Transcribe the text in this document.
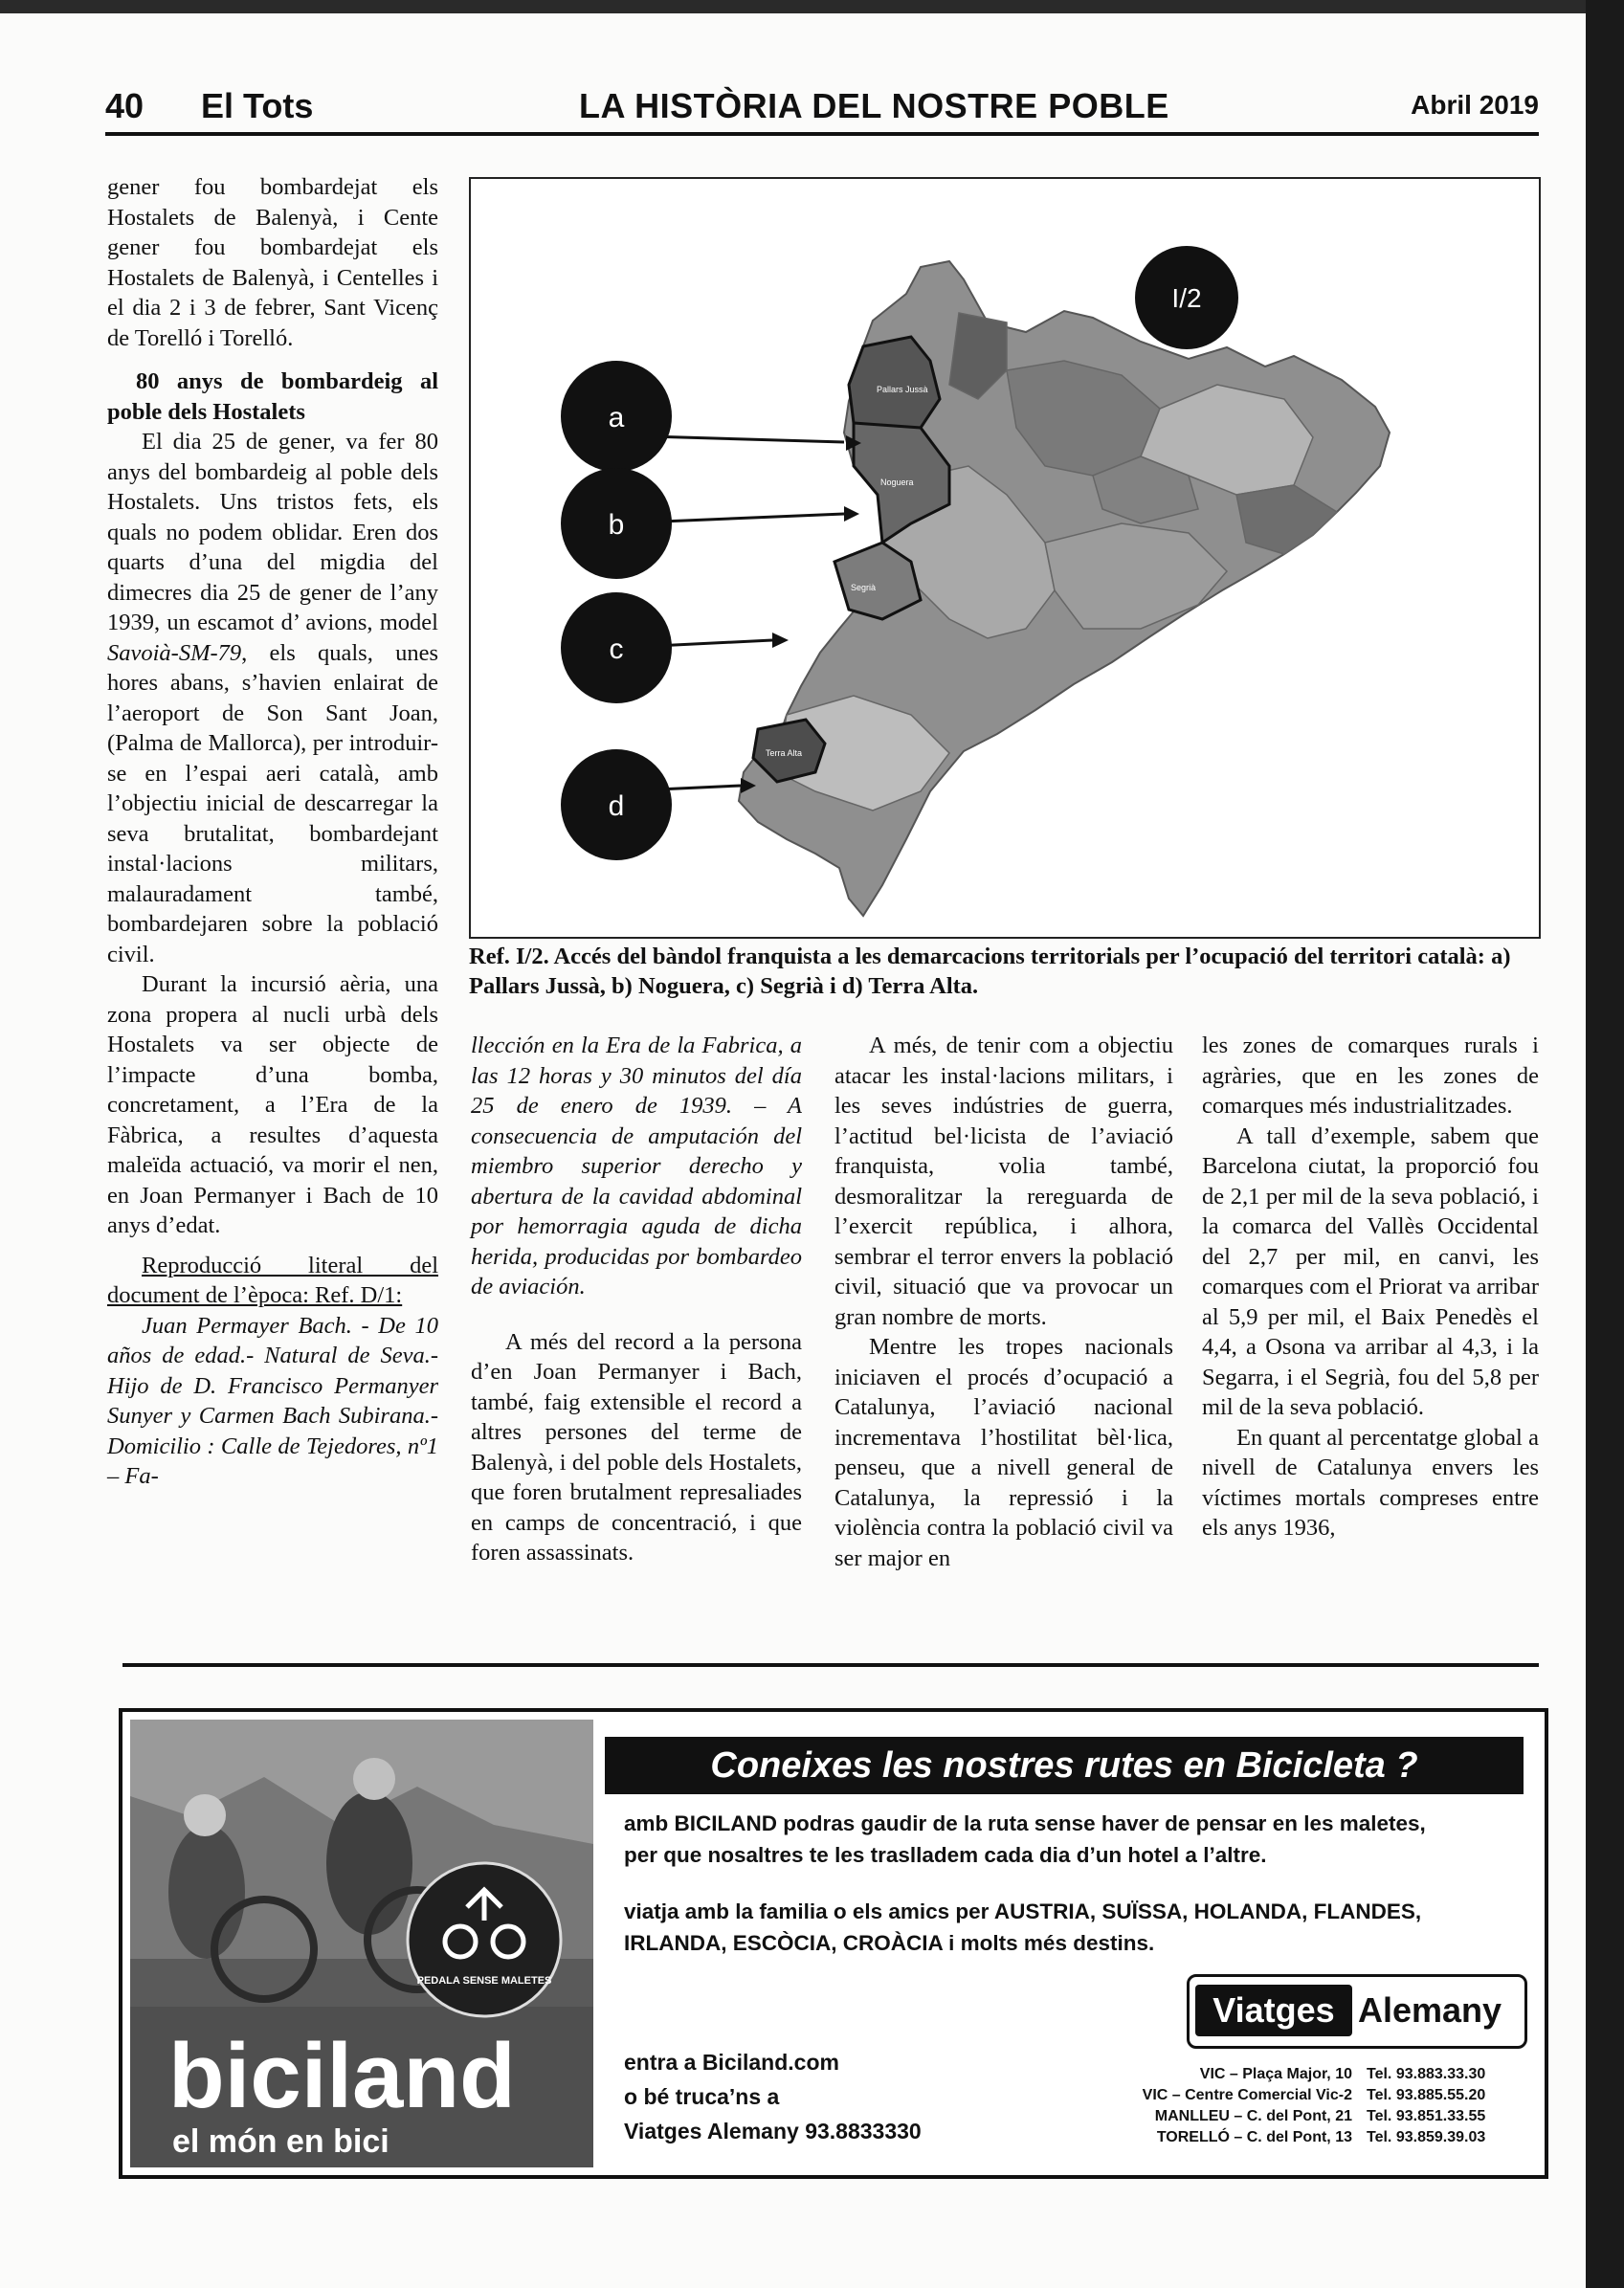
40 El Tots	LA HISTÒRIA DEL NOSTRE POBLE	Abril 2019

gener fou bombardejat els Hostalets de Balenyà, i Cente gener fou bombardejat els Hostalets de Balenyà, i Centelles i el dia 2 i 3 de febrer, Sant Vicenç de Torelló i Torelló.

80 anys de bombardeig al poble dels Hostalets

El dia 25 de gener, va fer 80 anys del bombardeig al poble dels Hostalets. Uns tristos fets, els quals no podem oblidar. Eren dos quarts d’una del migdia del dimecres dia 25 de gener de l’any 1939, un escamot d’ avions, model Savoià-SM-79, els quals, unes hores abans, s’havien enlairat de l’aeroport de Son Sant Joan, (Palma de Mallorca), per introduir-se en l’espai aeri català, amb l’objectiu inicial de descarregar la seva brutalitat, bombardejant instal·lacions militars, malauradament també, bombardejaren sobre la població civil.

Durant la incursió aèria, una zona propera al nucli urbà dels Hostalets va ser objecte de l’impacte d’una bomba, concretament, a l’Era de la Fàbrica, a resultes d’aquesta maleïda actuació, va morir el nen, en Joan Permanyer i Bach de 10 anys d’edat.

Reproducció literal del document de l’època: Ref. D/1:

Juan Permayer Bach. - De 10 años de edad.- Natural de Seva.-Hijo de D. Francisco Permanyer Sunyer y Carmen Bach Subirana.- Domicilio : Calle de Tejedores, nº1 – Fa-

Pallars Jussà
Noguera
Segrià
Terra Alta
I/2
a
b
c
d
Ref. I/2. Accés del bàndol franquista a les demarcacions territorials per l’ocupació del territori català: a) Pallars Jussà, b) Noguera, c) Segrià i d) Terra Alta.

llección en la Era de la Fabrica, a las 12 horas y 30 minutos del día 25 de enero de 1939. – A consecuencia de amputación del miembro superior derecho y abertura de la cavidad abdominal por hemorragia aguda de dicha herida, producidas por bombardeo de aviación.

A més del record a la persona d’en Joan Permanyer i Bach, també, faig extensible el record a altres persones del terme de Balenyà, i del poble dels Hostalets, que foren brutalment represaliades en camps de concentració, i que foren assassinats.

A més, de tenir com a objectiu atacar les instal·lacions militars, i les seves indústries de guerra, l’actitud bel·licista de l’aviació franquista, volia també, desmoralitzar la rereguarda de l’exercit república, i alhora, sembrar el terror envers la població civil, situació que va provocar un gran nombre de morts.

Mentre les tropes nacionals iniciaven el procés d’ocupació a Catalunya, l’aviació nacional incrementava l’hostilitat bèl·lica, penseu, que a nivell general de Catalunya, la repressió i la violència contra la població civil va ser major en

les zones de comarques rurals i agràries, que en les zones de comarques més industrialitzades.

A tall d’exemple, sabem que Barcelona ciutat, la proporció fou de 2,1 per mil de la seva població, i la comarca del Vallès Occidental del 2,7 per mil, en canvi, les comarques com el Priorat va arribar al 5,9 per mil, el Baix Penedès el 4,4, a Osona va arribar al 4,3, i la Segarra, i el Segrià, fou del 5,8 per mil de la seva població.

En quant al percentatge global a nivell de Catalunya envers les víctimes mortals compreses entre els anys 1936,

PEDALA SENSE MALETES
biciland
el món en bici
Coneixes les nostres rutes en Bicicleta ?
amb BICILAND podras gaudir de la ruta sense haver de pensar en les maletes,
per que nosaltres te les traslladem cada dia d’un hotel a l’altre.
viatja amb la familia o els amics per AUSTRIA, SUÏSSA, HOLANDA, FLANDES,
IRLANDA, ESCÒCIA, CROÀCIA i molts més destins.
entra a Biciland.com
o bé truca’ns a
Viatges Alemany 93.8833330
Viatges Alemany
VIC – Plaça Major, 10
VIC – Centre Comercial Vic-2
MANLLEU – C. del Pont, 21
TORELLÓ – C. del Pont, 13
Tel. 93.883.33.30
Tel. 93.885.55.20
Tel. 93.851.33.55
Tel. 93.859.39.03
